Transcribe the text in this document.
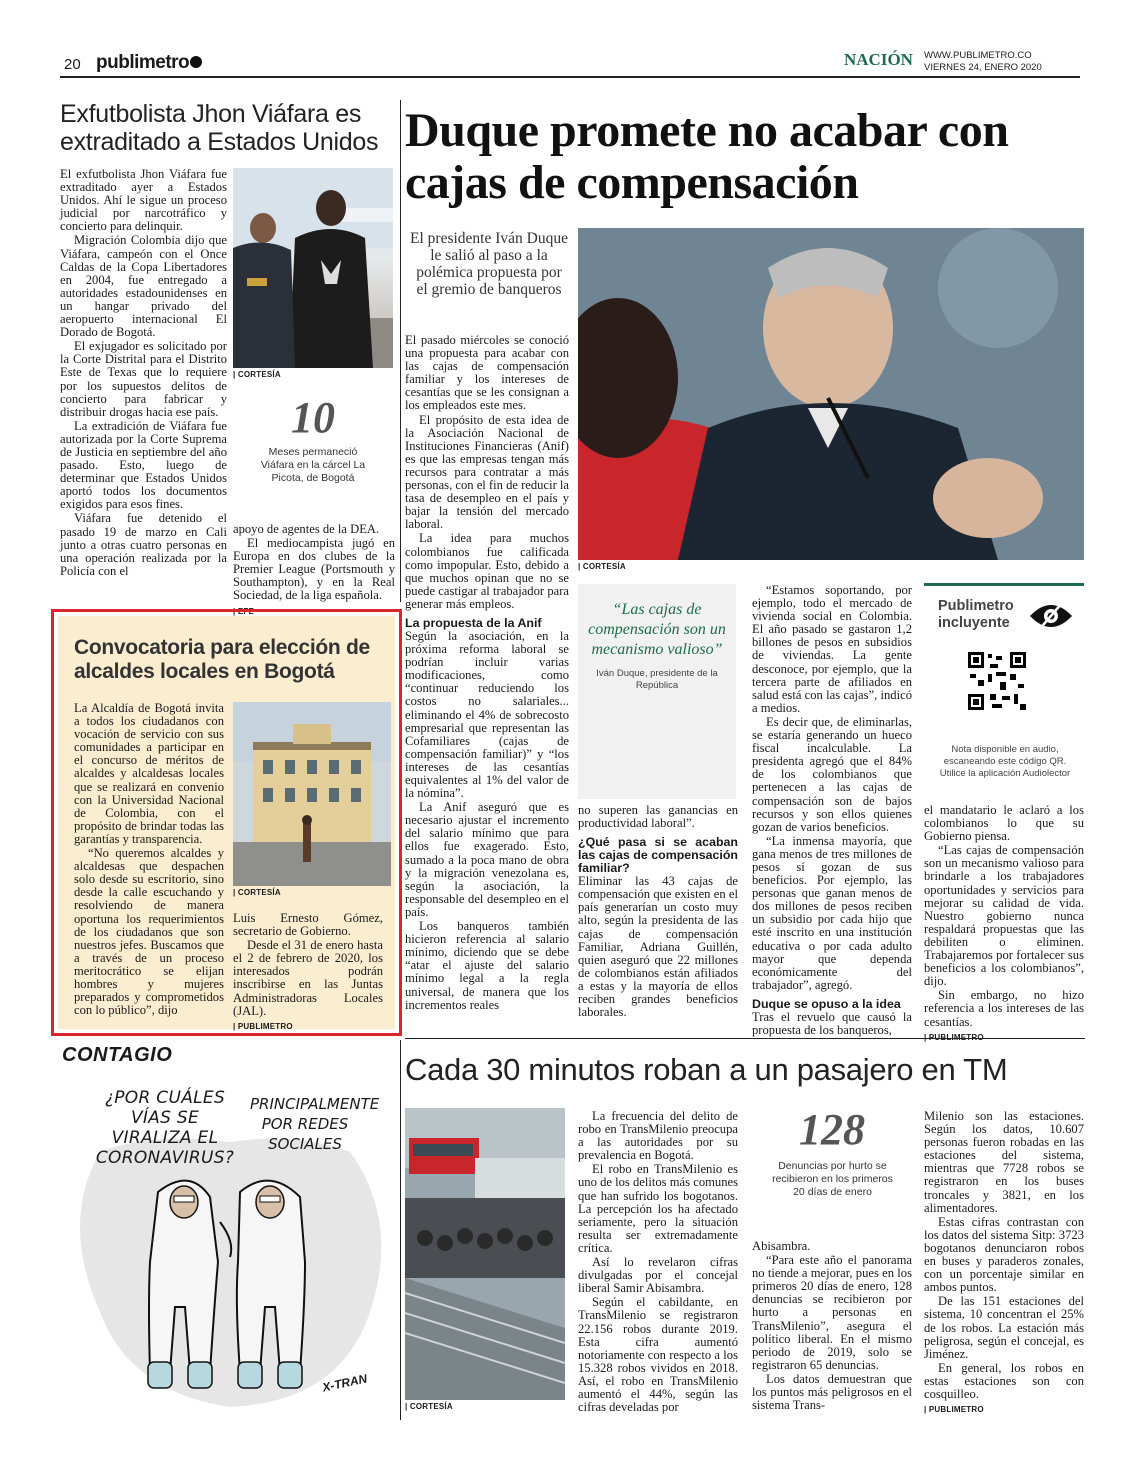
20 publimetro	NACIÓN WWW.PUBLIMETRO.CO
VIERNES 24, ENERO 2020
Exfutbolista Jhon Viáfara es extraditado a Estados Unidos

El exfutbolista Jhon Viáfara fue extraditado ayer a Estados Unidos. Ahí le sigue un proceso judicial por narcotráfico y concierto para delinquir.

Migración Colombia dijo que Viáfara, campeón con el Once Caldas de la Copa Libertadores en 2004, fue entregado a autoridades estadounidenses en un hangar privado del aeropuerto internacional El Dorado de Bogotá.

El exjugador es solicitado por la Corte Distrital para el Distrito Este de Texas que lo requiere por los supuestos delitos de concierto para fabricar y distribuir drogas hacia ese país.

La extradición de Viáfara fue autorizada por la Corte Suprema de Justicia en septiembre del año pasado. Esto, luego de determinar que Estados Unidos aportó todos los documentos exigidos para esos fines.

Viáfara fue detenido el pasado 19 de marzo en Cali junto a otras cuatro personas en una operación realizada por la Policía con el

| CORTESÍA
10
Meses permaneció Viáfara en la cárcel La Picota, de Bogotá

apoyo de agentes de la DEA.

El mediocampista jugó en Europa en dos clubes de la Premier League (Portsmouth y Southampton), y en la Real Sociedad, de la liga española.

| EFE
Duque promete no acabar con cajas de compensación
El presidente Iván Duque le salió al paso a la polémica propuesta por el gremio de banqueros
| CORTESÍA

El pasado miércoles se conoció una propuesta para acabar con las cajas de compensación familiar y los intereses de cesantías que se les consignan a los empleados este mes.

El propósito de esta idea de la Asociación Nacional de Instituciones Financieras (Anif) es que las empresas tengan más recursos para contratar a más personas, con el fin de reducir la tasa de desempleo en el país y bajar la tensión del mercado laboral.

La idea para muchos colombianos fue calificada como impopular. Esto, debido a que muchos opinan que no se puede castigar al trabajador para generar más empleos.

La propuesta de la Anif

Según la asociación, en la próxima reforma laboral se podrían incluir varias modificaciones, como “continuar reduciendo los costos no salariales... eliminando el 4% de sobrecosto empresarial que representan las Cofamiliares (cajas de compensación familiar)” y “los intereses de las cesantías equivalentes al 1% del valor de la nómina”.

La Anif aseguró que es necesario ajustar el incremento del salario mínimo que para ellos fue exagerado. Esto, sumado a la poca mano de obra y la migración venezolana es, según la asociación, la responsable del desempleo en el país.

Los banqueros también hicieron referencia al salario mínimo, diciendo que se debe “atar el ajuste del salario mínimo legal a la regla universal, de manera que los incrementos reales

“Las cajas de compensación son un mecanismo valioso”
Iván Duque, presidente de la República

no superen las ganancias en productividad laboral”.

¿Qué pasa si se acaban las cajas de compensación familiar?

Eliminar las 43 cajas de compensación que existen en el país generarían un costo muy alto, según la presidenta de las cajas de compensación Familiar, Adriana Guillén, quien aseguró que 22 millones de colombianos están afiliados a estas y la mayoría de ellos reciben grandes beneficios laborales.

“Estamos soportando, por ejemplo, todo el mercado de vivienda social en Colombia. El año pasado se gastaron 1,2 billones de pesos en subsidios de viviendas. La gente desconoce, por ejemplo, que la tercera parte de afiliados en salud está con las cajas”, indicó a medios.

Es decir que, de eliminarlas, se estaría generando un hueco fiscal incalculable. La presidenta agregó que el 84% de los colombianos que pertenecen a las cajas de compensación son de bajos recursos y son ellos quienes gozan de varios beneficios.

“La inmensa mayoría, que gana menos de tres millones de pesos sí gozan de sus beneficios. Por ejemplo, las personas que ganan menos de dos millones de pesos reciben un subsidio por cada hijo que esté inscrito en una institución educativa o por cada adulto mayor que dependa económicamente del trabajador”, agregó.

Duque se opuso a la idea

Tras el revuelo que causó la propuesta de los banqueros,

Publimetro incluyente
Nota disponible en audio, escaneando este código QR. Utilice la aplicación Audiolector

el mandatario le aclaró a los colombianos lo que su Gobierno piensa.

“Las cajas de compensación son un mecanismo valioso para brindarle a los trabajadores oportunidades y servicios para mejorar su calidad de vida. Nuestro gobierno nunca respaldará propuestas que las debiliten o eliminen. Trabajaremos por fortalecer sus beneficios a los colombianos”, dijo.

Sin embargo, no hizo referencia a los intereses de las cesantías.

Convocatoria para elección de alcaldes locales en Bogotá

La Alcaldía de Bogotá invita a todos los ciudadanos con vocación de servicio con sus comunidades a participar en el concurso de méritos de alcaldes y alcaldesas locales que se realizará en convenio con la Universidad Nacional de Colombia, con el propósito de brindar todas las garantías y transparencia.

“No queremos alcaldes y alcaldesas que despachen solo desde su escritorio, sino desde la calle escuchando y resolviendo de manera oportuna los requerimientos de los ciudadanos que son nuestros jefes. Buscamos que a través de un proceso meritocrático se elijan hombres y mujeres preparados y comprometidos con lo público”, dijo

| CORTESÍA

Luis Ernesto Gómez, secretario de Gobierno.

Desde el 31 de enero hasta el 2 de febrero de 2020, los interesados podrán inscribirse en las Juntas Administradoras Locales (JAL).

| PUBLIMETRO
CONTAGIO
¿POR CUÁLES VÍAS SE VIRALIZA EL CORONAVIRUS?
PRINCIPALMENTE POR REDES SOCIALES
X-TRAN
Cada 30 minutos roban a un pasajero en TM
| CORTESÍA

La frecuencia del delito de robo en TransMilenio preocupa a las autoridades por su prevalencia en Bogotá.

El robo en TransMilenio es uno de los delitos más comunes que han sufrido los bogotanos. La percepción los ha afectado seriamente, pero la situación resulta ser extremadamente crítica.

Así lo revelaron cifras divulgadas por el concejal liberal Samir Abisambra.

Según el cabildante, en TransMilenio se registraron 22.156 robos durante 2019. Esta cifra aumentó notoriamente con respecto a los 15.328 robos vividos en 2018. Así, el robo en TransMilenio aumentó el 44%, según las cifras develadas por

128
Denuncias por hurto se recibieron en los primeros 20 días de enero

Abisambra.

“Para este año el panorama no tiende a mejorar, pues en los primeros 20 días de enero, 128 denuncias se recibieron por hurto a personas en TransMilenio”, asegura el político liberal. En el mismo periodo de 2019, solo se registraron 65 denuncias.

Los datos demuestran que los puntos más peligrosos en el sistema Trans-

Milenio son las estaciones. Según los datos, 10.607 personas fueron robadas en las estaciones del sistema, mientras que 7728 robos se registraron en los buses troncales y 3821, en los alimentadores.

Estas cifras contrastan con los datos del sistema Sitp: 3723 bogotanos denunciaron robos en buses y paraderos zonales, con un porcentaje similar en ambos puntos.

De las 151 estaciones del sistema, 10 concentran el 25% de los robos. La estación más peligrosa, según el concejal, es Jiménez.

En general, los robos en estas estaciones son con cosquilleo.

| PUBLIMETRO
